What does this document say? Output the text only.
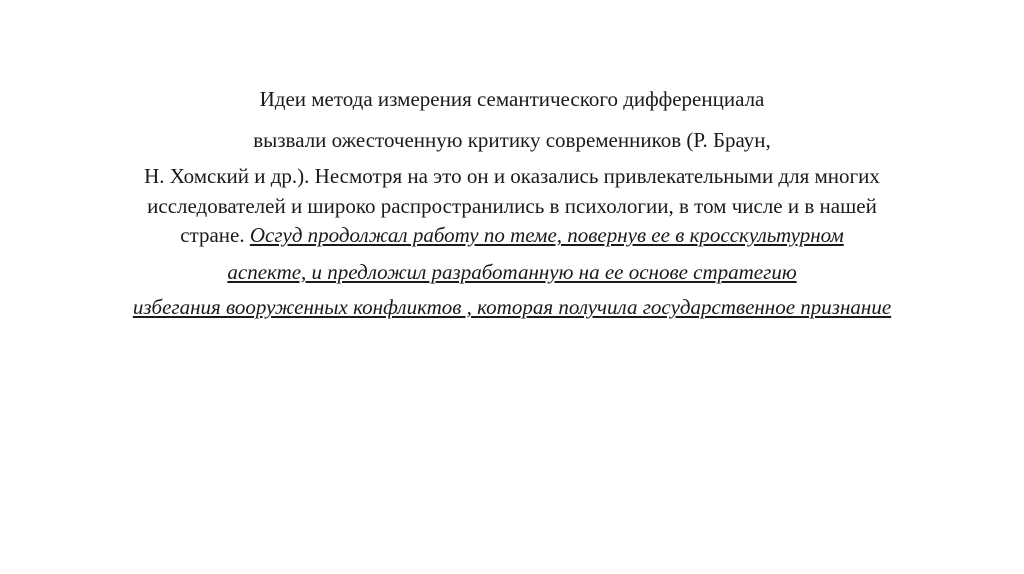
Идеи метода измерения семантического дифференциала
вызвали ожесточенную критику современников (Р. Браун,
Н. Хомский и др.). Несмотря на это он и оказались привлекательными для многих
исследователей и широко распространились в психологии, в том числе и в нашей
стране. Осгуд продолжал работу по теме, повернув ее в кросскультурном
аспекте, и предложил разработанную на ее основе стратегию
избегания вооруженных конфликтов , которая получила государственное признание
